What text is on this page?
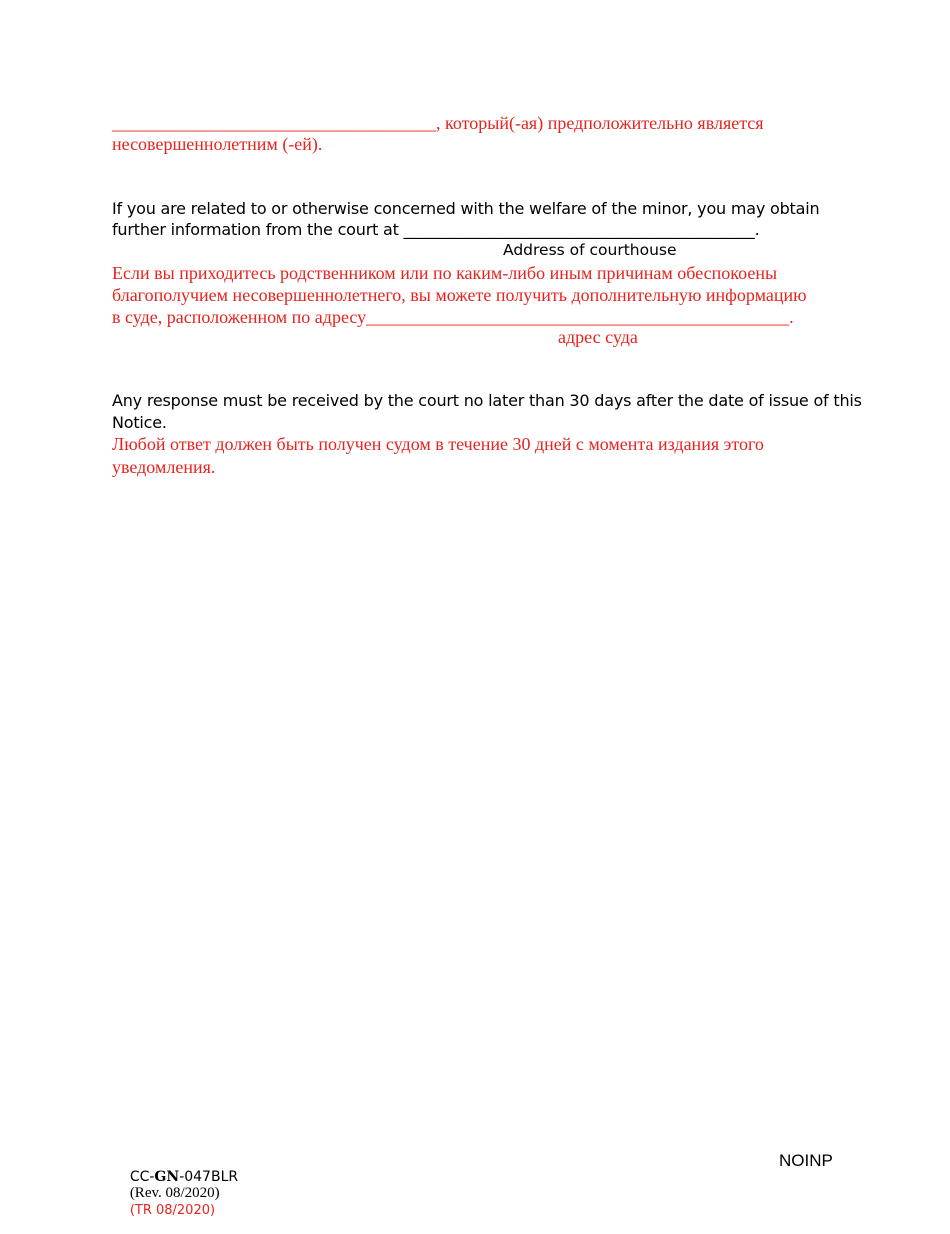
____________________________________, который(-ая) предположительно является
несовершеннолетним (-ей).
If you are related to or otherwise concerned with the welfare of the minor, you may obtain
further information from the court at _____________________________________________.
Address of courthouse
Если вы приходитесь родственником или по каким-либо иным причинам обеспокоены
благополучием несовершеннолетнего, вы можете получить дополнительную информацию
в суде, расположенном по адресу_______________________________________________.
адрес суда
Any response must be received by the court no later than 30 days after the date of issue of this
Notice.
Любой ответ должен быть получен судом в течение 30 дней с момента издания этого
уведомления.

CC-GN-047BLR
(Rev. 08/2020)
(TR 08/2020)

NOINP
